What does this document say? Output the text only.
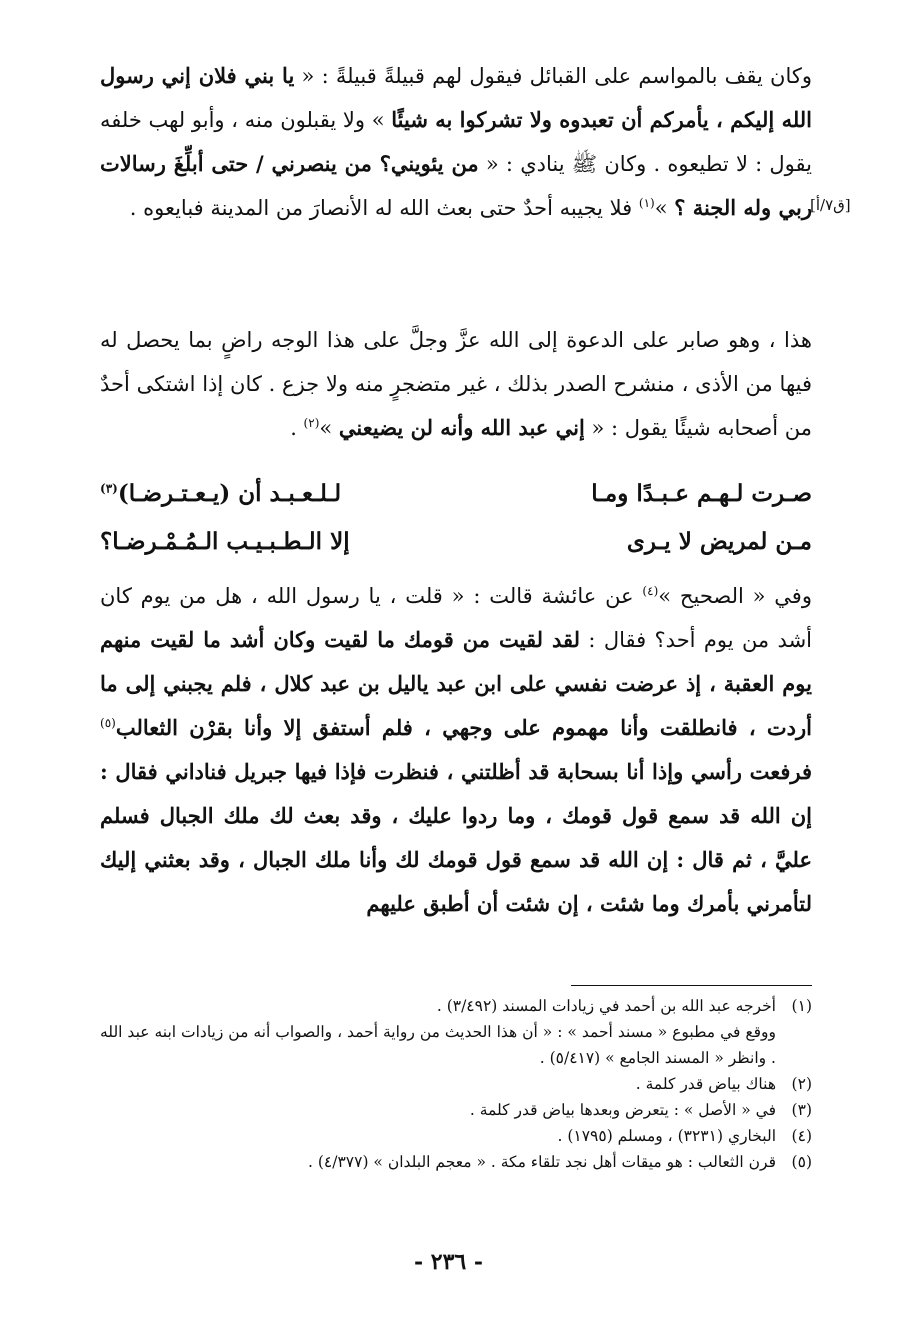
[ق٧/أ]

وكان يقف بالمواسم على القبائل فيقول لهم قبيلةً قبيلةً : « يا بني فلان إني رسول الله إليكم ، يأمركم أن تعبدوه ولا تشركوا به شيئًا » ولا يقبلون منه ، وأبو لهب خلفه يقول : لا تطيعوه . وكان ﷺ ينادي : « من يئويني؟ من ينصرني / حتى أبلِّغَ رسالات ربي وله الجنة ؟ »$^{(١)}$ فلا يجيبه أحدٌ حتى بعث الله له الأنصارَ من المدينة فبايعوه .

هذا ، وهو صابر على الدعوة إلى الله عزَّ وجلَّ على هذا الوجه راضٍ بما يحصل له فيها من الأذى ، منشرح الصدر بذلك ، غير متضجرٍ منه ولا جزع . كان إذا اشتكى أحدٌ من أصحابه شيئًا يقول : « إني عبد الله وأنه لن يضيعني »$^{(٢)}$ .

صـرت لـهـم عـبـدًا ومـا
لـلـعـبـد أن (يـعـتـرضـا)$^{(٣)}$
مـن لمريض لا يـرى
إلا الـطـبـيـب الـمُـمْـرضـا؟

وفي « الصحيح »$^{(٤)}$ عن عائشة قالت : « قلت ، يا رسول الله ، هل من يوم كان أشد من يوم أحد؟ فقال : لقد لقيت من قومك ما لقيت وكان أشد ما لقيت منهم يوم العقبة ، إذ عرضت نفسي على ابن عبد ياليل بن عبد كلال ، فلم يجبني إلى ما أردت ، فانطلقت وأنا مهموم على وجهي ، فلم أستفق إلا وأنا بقرْن الثعالب$^{(٥)}$ فرفعت رأسي وإذا أنا بسحابة قد أظلتني ، فنظرت فإذا فيها جبريل فناداني فقال : إن الله قد سمع قول قومك ، وما ردوا عليك ، وقد بعث لك ملك الجبال فسلم عليَّ ، ثم قال : إن الله قد سمع قول قومك لك وأنا ملك الجبال ، وقد بعثني إليك لتأمرني بأمرك وما شئت ، إن شئت أن أطبق عليهم

(١)
أخرجه عبد الله بن أحمد في زيادات المسند (٣/٤٩٢) .
ووقع في مطبوع « مسند أحمد » : « أن هذا الحديث من رواية أحمد ، والصواب أنه من زيادات ابنه عبد الله . وانظر « المسند الجامع » (٥/٤١٧) .
(٢)
هناك بياض قدر كلمة .
(٣)
في « الأصل » : يتعرض وبعدها بياض قدر كلمة .
(٤)
البخاري (٣٢٣١) ، ومسلم (١٧٩٥) .
(٥)
قرن الثعالب : هو ميقات أهل نجد تلقاء مكة . « معجم البلدان » (٤/٣٧٧) .
- ٢٣٦ -
